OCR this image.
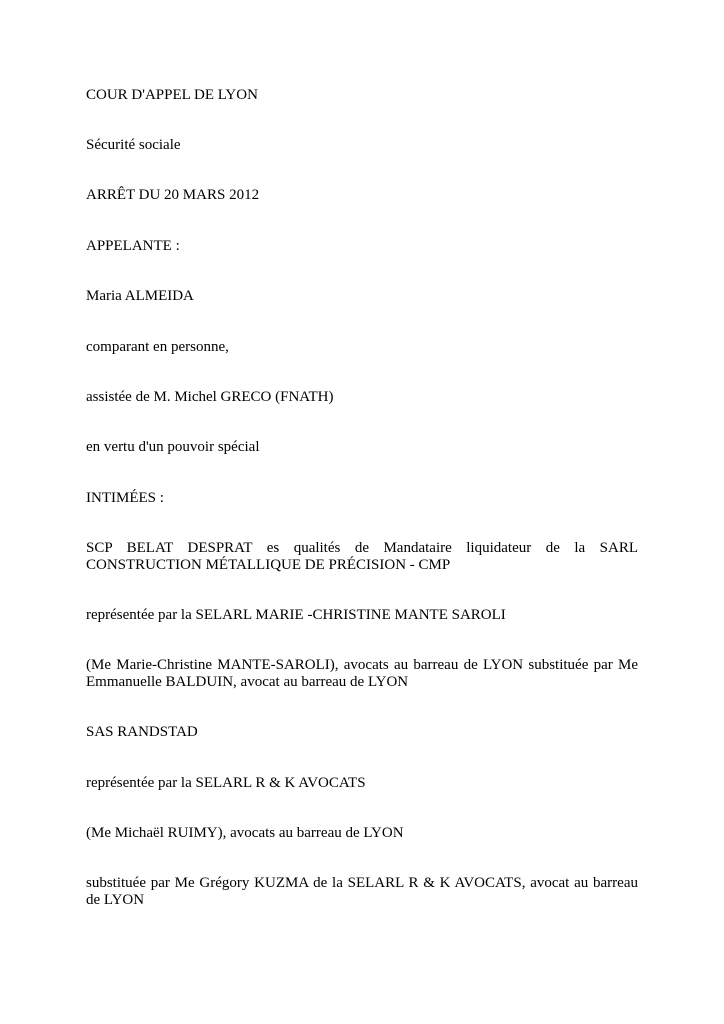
COUR D'APPEL DE LYON

Sécurité sociale

ARRÊT DU 20 MARS 2012

APPELANTE :

Maria ALMEIDA

comparant en personne,

assistée de M. Michel GRECO (FNATH)

en vertu d'un pouvoir spécial

INTIMÉES :

SCP BELAT DESPRAT es qualités de Mandataire liquidateur de la SARL CONSTRUCTION MÉTALLIQUE DE PRÉCISION - CMP

représentée par la SELARL MARIE -CHRISTINE MANTE SAROLI

(Me Marie-Christine MANTE-SAROLI), avocats au barreau de LYON substituée par Me Emmanuelle BALDUIN, avocat au barreau de LYON

SAS RANDSTAD

représentée par la SELARL R & K AVOCATS

(Me Michaël RUIMY), avocats au barreau de LYON

substituée par Me Grégory KUZMA de la SELARL R & K AVOCATS, avocat au barreau de LYON
